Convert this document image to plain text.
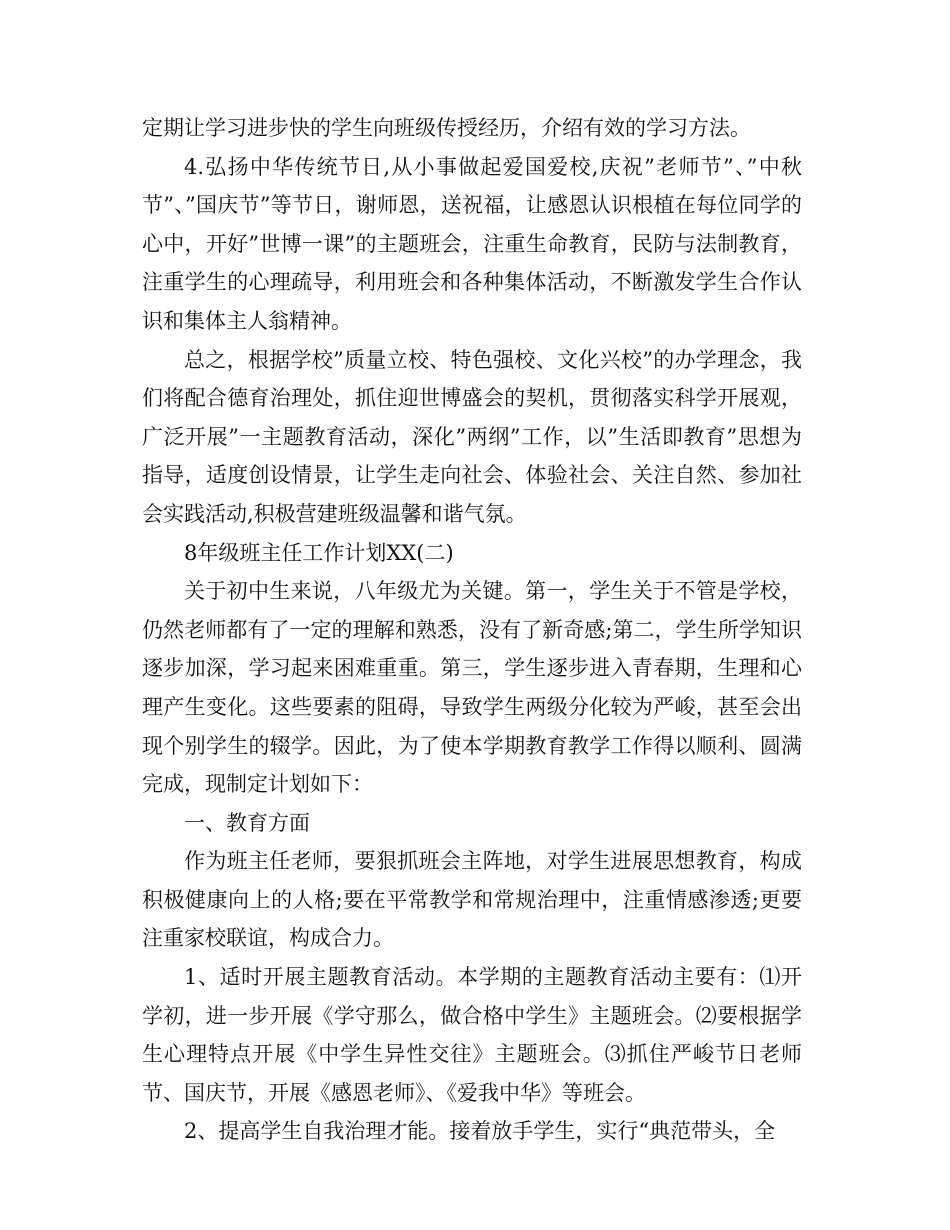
定期让学习进步快的学生向班级传授经历，介绍有效的学习方法。

4.弘扬中华传统节日,从小事做起爱国爱校,庆祝”老师节”、”中秋节”、”国庆节”等节日，谢师恩，送祝福，让感恩认识根植在每位同学的心中，开好”世博一课”的主题班会，注重生命教育，民防与法制教育，注重学生的心理疏导，利用班会和各种集体活动，不断激发学生合作认识和集体主人翁精神。

总之，根据学校”质量立校、特色强校、文化兴校”的办学理念，我们将配合德育治理处，抓住迎世博盛会的契机，贯彻落实科学开展观，广泛开展”一主题教育活动，深化”两纲”工作，以”生活即教育”思想为指导，适度创设情景，让学生走向社会、体验社会、关注自然、参加社会实践活动,积极营建班级温馨和谐气氛。

8年级班主任工作计划XX(二)

关于初中生来说，八年级尤为关键。第一，学生关于不管是学校，仍然老师都有了一定的理解和熟悉，没有了新奇感;第二，学生所学知识逐步加深，学习起来困难重重。第三，学生逐步进入青春期，生理和心理产生变化。这些要素的阻碍，导致学生两级分化较为严峻，甚至会出现个别学生的辍学。因此，为了使本学期教育教学工作得以顺利、圆满完成，现制定计划如下：

一、教育方面

作为班主任老师，要狠抓班会主阵地，对学生进展思想教育，构成积极健康向上的人格;要在平常教学和常规治理中，注重情感渗透;更要注重家校联谊，构成合力。

1、适时开展主题教育活动。本学期的主题教育活动主要有：⑴开学初，进一步开展《学守那么，做合格中学生》主题班会。⑵要根据学生心理特点开展《中学生异性交往》主题班会。⑶抓住严峻节日老师节、国庆节，开展《感恩老师》、《爱我中华》等班会。

2、提高学生自我治理才能。接着放手学生，实行“典范带头，全
